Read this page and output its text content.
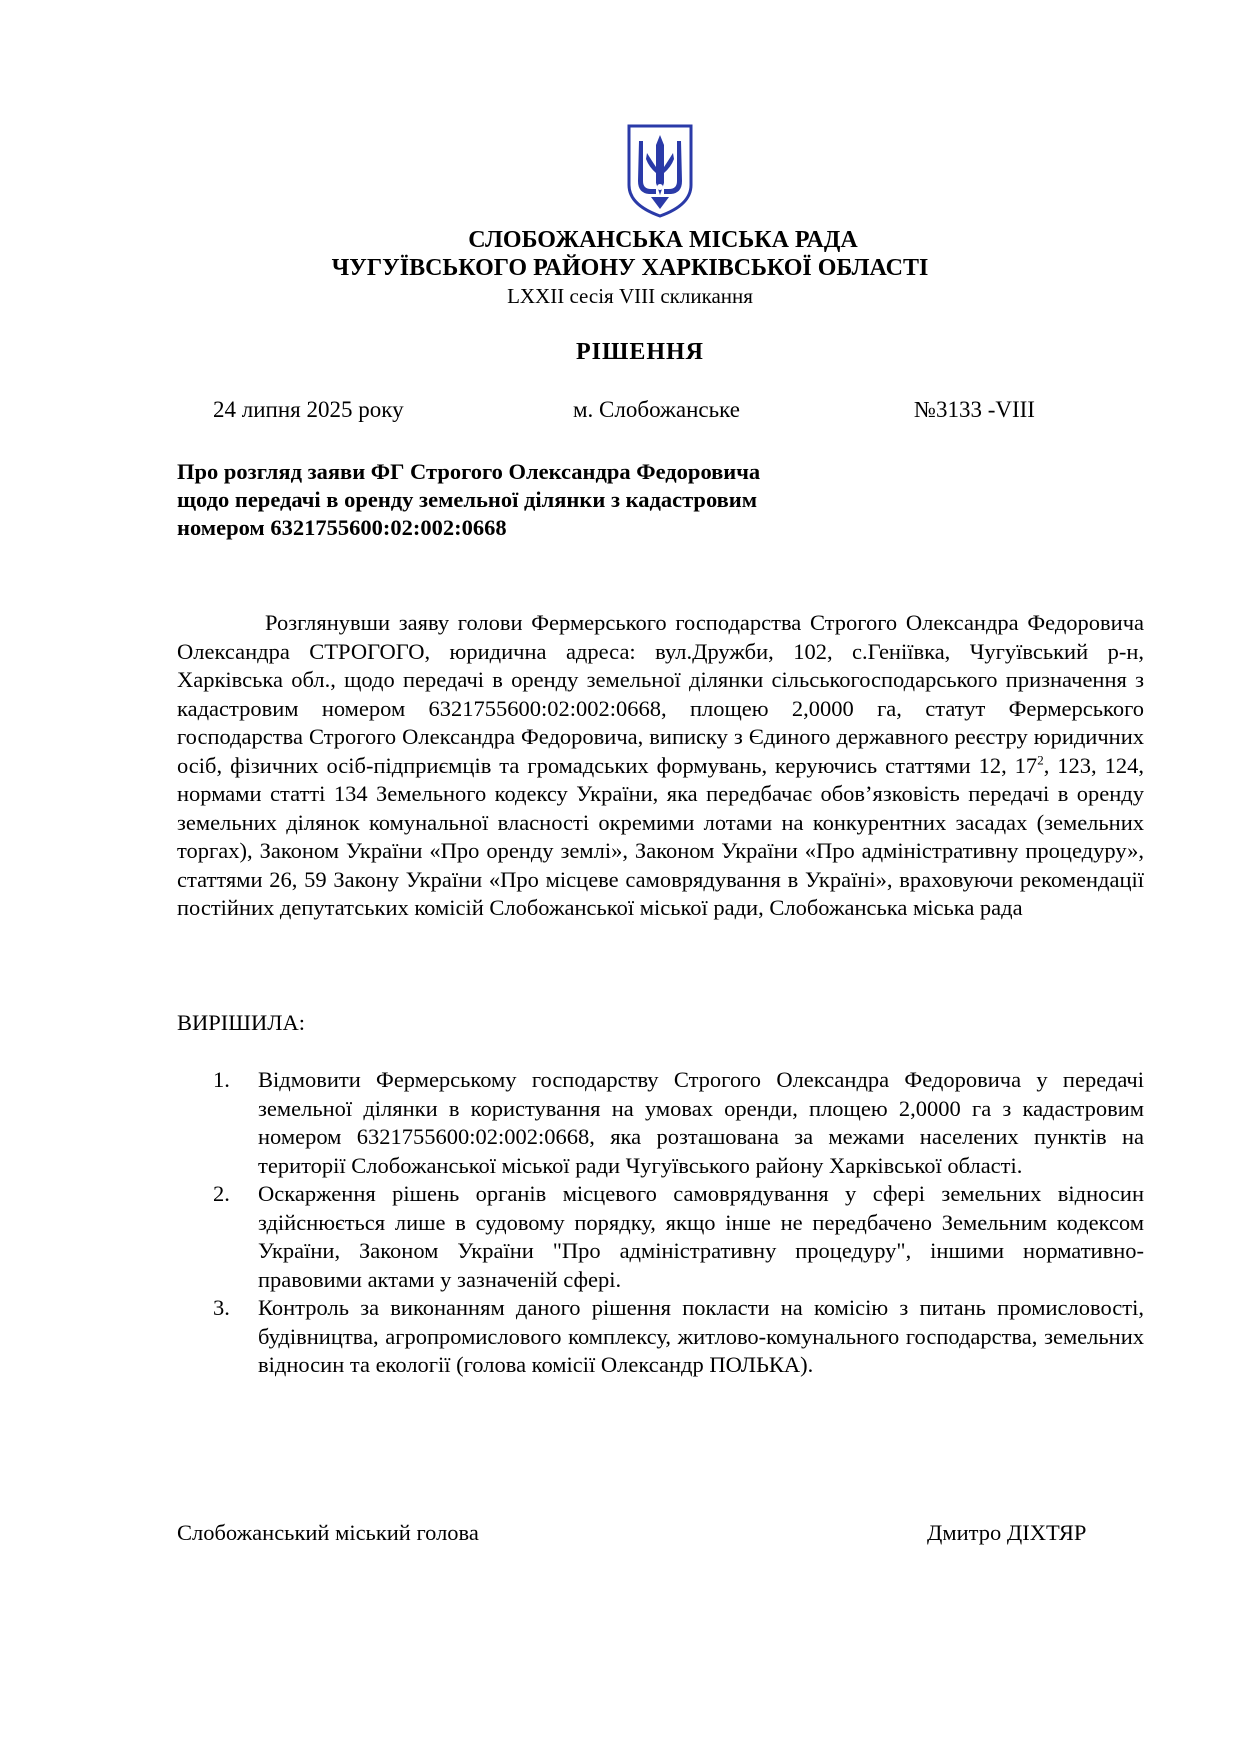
СЛОБОЖАНСЬКА МІСЬКА РАДА
ЧУГУЇВСЬКОГО РАЙОНУ ХАРКІВСЬКОЇ ОБЛАСТІ
LXXII сесія VIII скликання
РІШЕННЯ
24 липня 2025 року	м. Слобожанське	№3133 -VIII
Про розгляд заяви ФГ Строгого Олександра Федоровича
щодо передачі в оренду земельної ділянки з кадастровим
номером 6321755600:02:002:0668
Розглянувши заяву голови Фермерського господарства Строгого Олександра Федоровича Олександра СТРОГОГО, юридична адреса: вул.Дружби, 102, с.Геніївка, Чугуївський р-н, Харківська обл., щодо передачі в оренду земельної ділянки сільськогосподарського призначення з кадастровим номером 6321755600:02:002:0668, площею 2,0000 га, статут Фермерського господарства Строгого Олександра Федоровича, виписку з Єдиного державного реєстру юридичних осіб, фізичних осіб-підприємців та громадських формувань, керуючись статтями 12, $17^2$, 123, 124, нормами статті 134 Земельного кодексу України, яка передбачає обов’язковість передачі в оренду земельних ділянок комунальної власності окремими лотами на конкурентних засадах (земельних торгах), Законом України «Про оренду землі», Законом України «Про адміністративну процедуру», статтями 26, 59 Закону України «Про місцеве самоврядування в Україні», враховуючи рекомендації постійних депутатських комісій Слобожанської міської ради, Слобожанська міська рада
ВИРІШИЛА:
1. Відмовити Фермерському господарству Строгого Олександра Федоровича у передачі земельної ділянки в користування на умовах оренди, площею 2,0000 га з кадастровим номером 6321755600:02:002:0668, яка розташована за межами населених пунктів на території Слобожанської міської ради Чугуївського району Харківської області.
2. Оскарження рішень органів місцевого самоврядування у сфері земельних відносин здійснюється лише в судовому порядку, якщо інше не передбачено Земельним кодексом України, Законом України "Про адміністративну процедуру", іншими нормативно-правовими актами у зазначеній сфері.
3. Контроль за виконанням даного рішення покласти на комісію з питань промисловості, будівництва, агропромислового комплексу, житлово-комунального господарства, земельних відносин та екології (голова комісії Олександр ПОЛЬКА).
Слобожанський міський голова	Дмитро ДІХТЯР
